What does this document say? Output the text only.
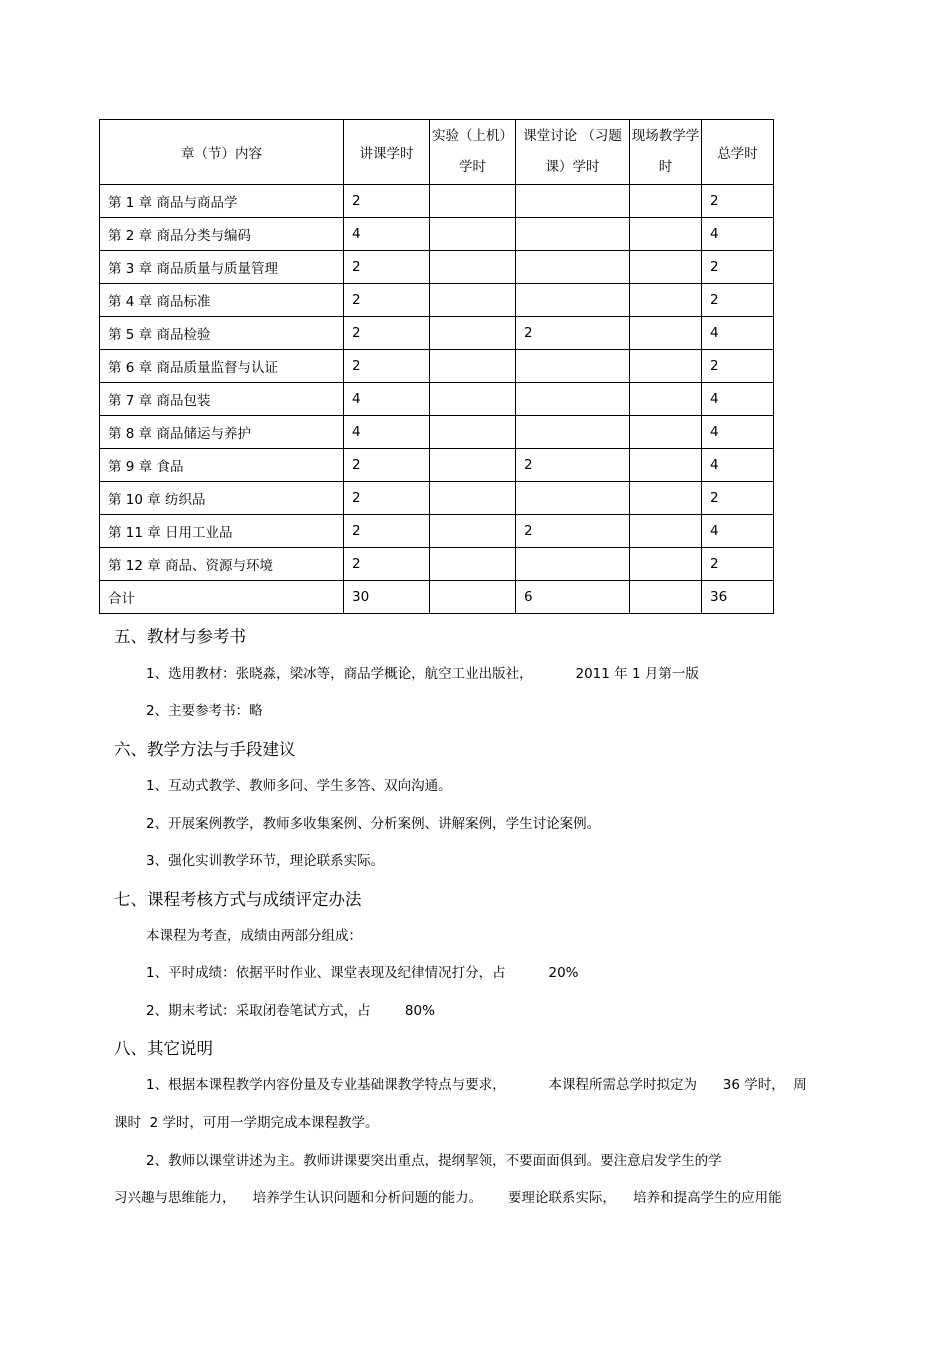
章（节）内容	讲课学时	实验（上机）学时	课堂讨论 （习题课）学时	现场教学学时	总学时
第 1 章 商品与商品学	2				2
第 2 章 商品分类与编码	4				4
第 3 章 商品质量与质量管理	2				2
第 4 章 商品标准	2				2
第 5 章 商品检验	2		2		4
第 6 章 商品质量监督与认证	2				2
第 7 章 商品包装	4				4
第 8 章 商品储运与养护	4				4
第 9 章 食品	2		2		4
第 10 章 纺织品	2				2
第 11 章 日用工业品	2		2		4
第 12 章 商品、资源与环境	2				2
合计	30		6		36
五、教材与参考书
1、选用教材：张晓淼，梁冰等，商品学概论，航空工业出版社，          2011 年 1 月第一版
2、主要参考书：略
六、教学方法与手段建议
1、互动式教学、教师多问、学生多答、双向沟通。
2、开展案例教学，教师多收集案例、分析案例、讲解案例，学生讨论案例。
3、强化实训教学环节，理论联系实际。
七、课程考核方式与成绩评定办法
本课程为考查，成绩由两部分组成：
1、平时成绩：依据平时作业、课堂表现及纪律情况打分，占          20%
2、期末考试：采取闭卷笔试方式，占        80%
八、其它说明
1、根据本课程教学内容份量及专业基础课教学特点与要求，          本课程所需总学时拟定为      36 学时，  周
课时  2 学时，可用一学期完成本课程教学。
2、教师以课堂讲述为主。教师讲课要突出重点，提纲挈领，不要面面俱到。要注意启发学生的学
习兴趣与思维能力，    培养学生认识问题和分析问题的能力。      要理论联系实际，    培养和提高学生的应用能
